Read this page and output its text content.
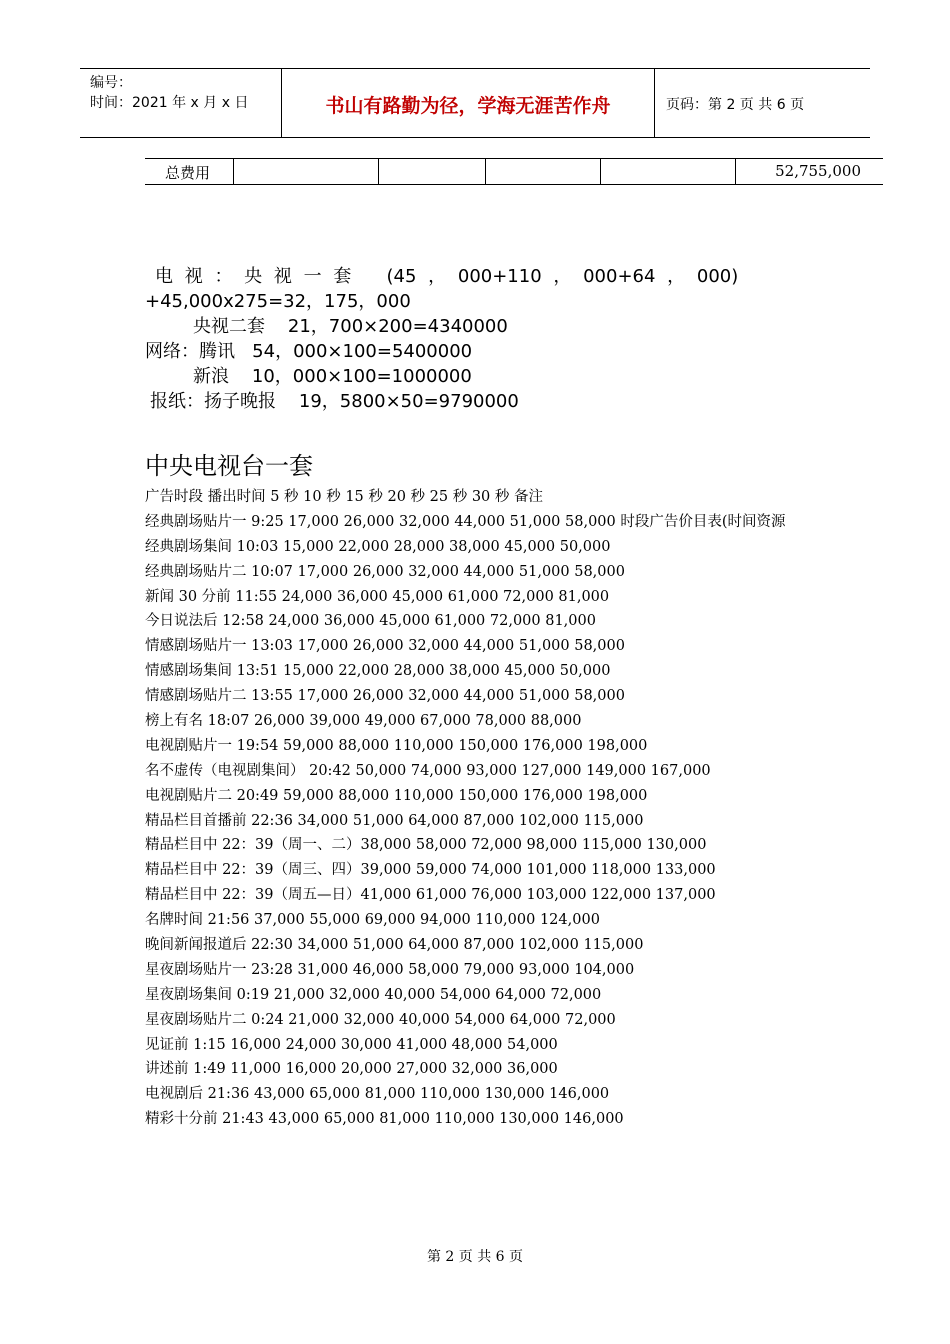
编号：
时间：2021 年 x 月 x 日	书山有路勤为径，学海无涯苦作舟	页码：第 2 页 共 6 页
总费用	52,755,000
电 视 ： 央 视 一 套   (45 ， 000+110 ， 000+64 ， 000)
+45,000x275=32，175，000
央视二套    21，700×200=4340000
网络：腾讯   54，000×100=5400000
新浪    10，000×100=1000000
报纸：扬子晚报    19，5800×50=9790000
中央电视台一套
广告时段 播出时间 5 秒 10 秒 15 秒 20 秒 25 秒 30 秒 备注
经典剧场贴片一 9:25 17,000 26,000 32,000 44,000 51,000 58,000 时段广告价目表(时间资源
经典剧场集间 10:03 15,000 22,000 28,000 38,000 45,000 50,000
经典剧场贴片二 10:07 17,000 26,000 32,000 44,000 51,000 58,000
新闻 30 分前 11:55 24,000 36,000 45,000 61,000 72,000 81,000
今日说法后 12:58 24,000 36,000 45,000 61,000 72,000 81,000
情感剧场贴片一 13:03 17,000 26,000 32,000 44,000 51,000 58,000
情感剧场集间 13:51 15,000 22,000 28,000 38,000 45,000 50,000
情感剧场贴片二 13:55 17,000 26,000 32,000 44,000 51,000 58,000
榜上有名 18:07 26,000 39,000 49,000 67,000 78,000 88,000
电视剧贴片一 19:54 59,000 88,000 110,000 150,000 176,000 198,000
名不虚传（电视剧集间） 20:42 50,000 74,000 93,000 127,000 149,000 167,000
电视剧贴片二 20:49 59,000 88,000 110,000 150,000 176,000 198,000
精品栏目首播前 22:36 34,000 51,000 64,000 87,000 102,000 115,000
精品栏目中 22：39（周一、二）38,000 58,000 72,000 98,000 115,000 130,000
精品栏目中 22：39（周三、四）39,000 59,000 74,000 101,000 118,000 133,000
精品栏目中 22：39（周五—日）41,000 61,000 76,000 103,000 122,000 137,000
名牌时间 21:56 37,000 55,000 69,000 94,000 110,000 124,000
晚间新闻报道后 22:30 34,000 51,000 64,000 87,000 102,000 115,000
星夜剧场贴片一 23:28 31,000 46,000 58,000 79,000 93,000 104,000
星夜剧场集间 0:19 21,000 32,000 40,000 54,000 64,000 72,000
星夜剧场贴片二 0:24 21,000 32,000 40,000 54,000 64,000 72,000
见证前 1:15 16,000 24,000 30,000 41,000 48,000 54,000
讲述前 1:49 11,000 16,000 20,000 27,000 32,000 36,000
电视剧后 21:36 43,000 65,000 81,000 110,000 130,000 146,000
精彩十分前 21:43 43,000 65,000 81,000 110,000 130,000 146,000
第 2 页 共 6 页
